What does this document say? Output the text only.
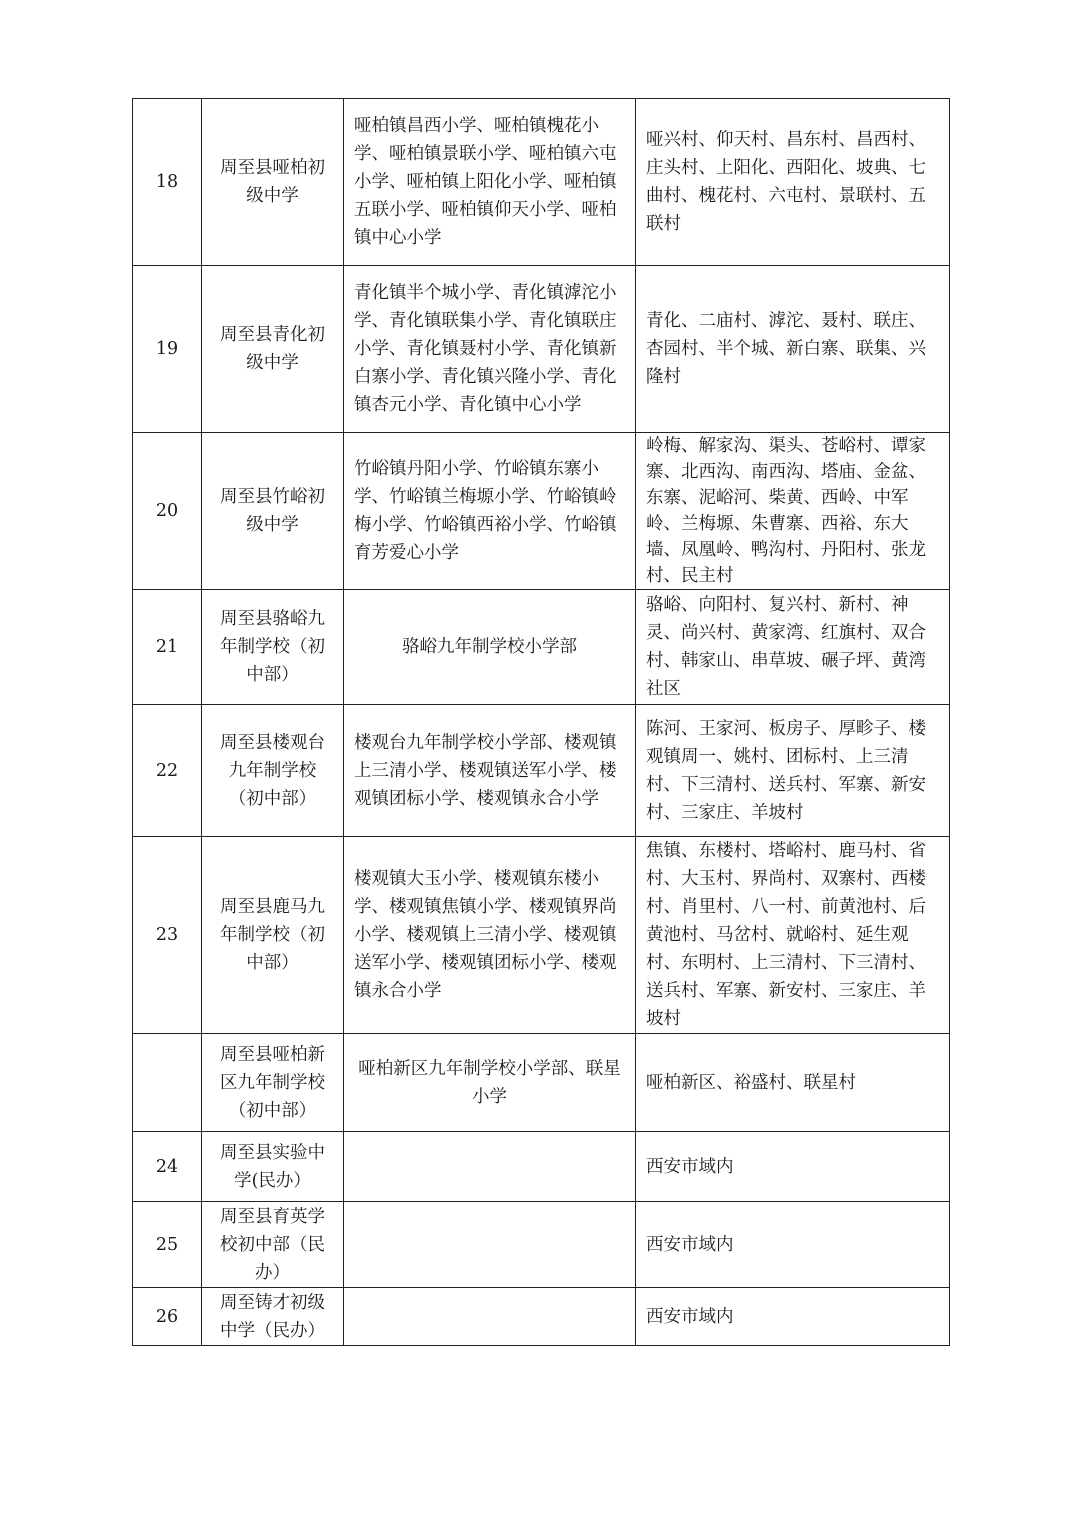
18	周至县哑柏初级中学	哑柏镇昌西小学、哑柏镇槐花小学、哑柏镇景联小学、哑柏镇六屯小学、哑柏镇上阳化小学、哑柏镇五联小学、哑柏镇仰天小学、哑柏镇中心小学	哑兴村、仰天村、昌东村、昌西村、庄头村、上阳化、西阳化、坡典、七曲村、槐花村、六屯村、景联村、五联村
19	周至县青化初级中学	青化镇半个城小学、青化镇滹沱小学、青化镇联集小学、青化镇联庄小学、青化镇聂村小学、青化镇新白寨小学、青化镇兴隆小学、青化镇杏元小学、青化镇中心小学	青化、二庙村、滹沱、聂村、联庄、杏园村、半个城、新白寨、联集、兴隆村
20	周至县竹峪初级中学	竹峪镇丹阳小学、竹峪镇东寨小学、竹峪镇兰梅塬小学、竹峪镇岭梅小学、竹峪镇西裕小学、竹峪镇育芳爱心小学	岭梅、解家沟、渠头、苍峪村、谭家寨、北西沟、南西沟、塔庙、金盆、东寨、泥峪河、柴黄、西岭、中军岭、兰梅塬、朱曹寨、西裕、东大墙、凤凰岭、鸭沟村、丹阳村、张龙村、民主村
21	周至县骆峪九年制学校（初中部）	骆峪九年制学校小学部	骆峪、向阳村、复兴村、新村、神灵、尚兴村、黄家湾、红旗村、双合村、韩家山、串草坡、碾子坪、黄湾社区
22	周至县楼观台九年制学校（初中部）	楼观台九年制学校小学部、楼观镇上三清小学、楼观镇送军小学、楼观镇团标小学、楼观镇永合小学	陈河、王家河、板房子、厚畛子、楼观镇周一、姚村、团标村、上三清村、下三清村、送兵村、军寨、新安村、三家庄、羊坡村
23	周至县鹿马九年制学校（初中部）	楼观镇大玉小学、楼观镇东楼小学、楼观镇焦镇小学、楼观镇界尚小学、楼观镇上三清小学、楼观镇送军小学、楼观镇团标小学、楼观镇永合小学	焦镇、东楼村、塔峪村、鹿马村、省村、大玉村、界尚村、双寨村、西楼村、肖里村、八一村、前黄池村、后黄池村、马岔村、就峪村、延生观村、东明村、上三清村、下三清村、送兵村、军寨、新安村、三家庄、羊坡村
	周至县哑柏新区九年制学校（初中部）	哑柏新区九年制学校小学部、联星小学	哑柏新区、裕盛村、联星村
24	周至县实验中学(民办）		西安市域内
25	周至县育英学校初中部（民办）		西安市域内
26	周至铸才初级中学（民办）		西安市域内
